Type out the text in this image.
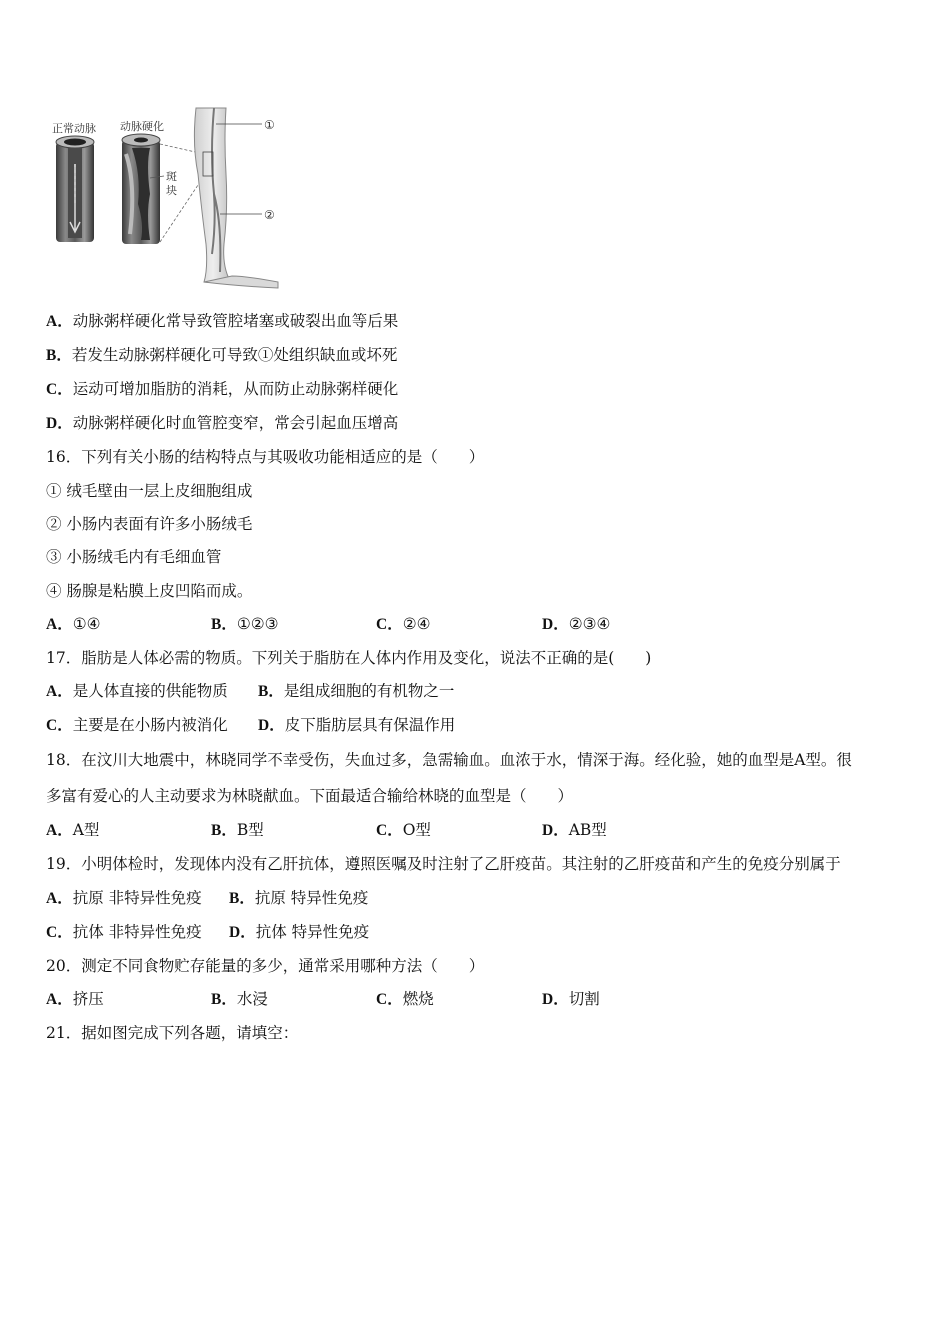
正常动脉 动脉硬化
斑
块
①
②
A．动脉粥样硬化常导致管腔堵塞或破裂出血等后果
B．若发生动脉粥样硬化可导致①处组织缺血或坏死
C．运动可增加脂肪的消耗，从而防止动脉粥样硬化
D．动脉粥样硬化时血管腔变窄，常会引起血压增高
16．下列有关小肠的结构特点与其吸收功能相适应的是（　　）
① 绒毛壁由一层上皮细胞组成
② 小肠内表面有许多小肠绒毛
③ 小肠绒毛内有毛细血管
④ 肠腺是粘膜上皮凹陷而成。
A．①④	B．①②③	C．②④	D．②③④
17．脂肪是人体必需的物质。下列关于脂肪在人体内作用及变化，说法不正确的是(　　)
A．是人体直接的供能物质 B．是组成细胞的有机物之一
C．主要是在小肠内被消化 D．皮下脂肪层具有保温作用
18．在汶川大地震中，林晓同学不幸受伤，失血过多，急需输血。血浓于水，情深于海。经化验，她的血型是A型。很
多富有爱心的人主动要求为林晓献血。下面最适合输给林晓的血型是（　　）
A．A型	B．B型	C．O型	D．AB型
19．小明体检时，发现体内没有乙肝抗体，遵照医嘱及时注射了乙肝疫苗。其注射的乙肝疫苗和产生的免疫分别属于
A．抗原 非特异性免疫 B．抗原 特异性免疫
C．抗体 非特异性免疫 D．抗体 特异性免疫
20．测定不同食物贮存能量的多少，通常采用哪种方法（　　）
A．挤压	B．水浸	C．燃烧	D．切割
21．据如图完成下列各题，请填空：
